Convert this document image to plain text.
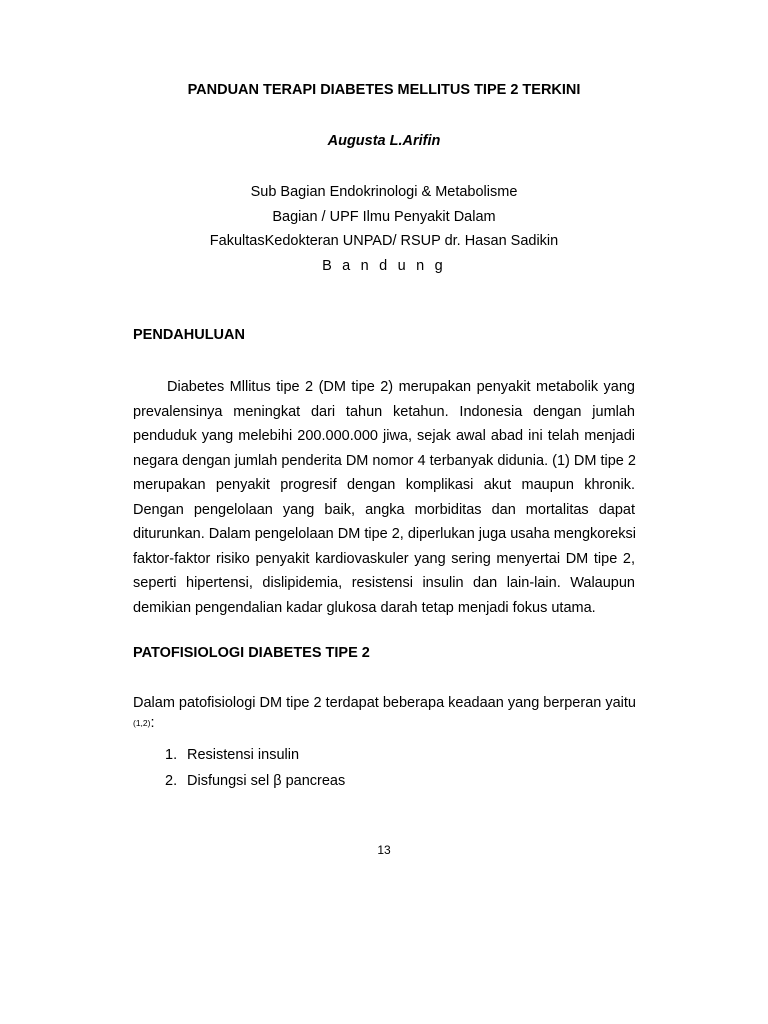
PANDUAN TERAPI DIABETES MELLITUS TIPE 2 TERKINI
Augusta L.Arifin
Sub Bagian Endokrinologi & Metabolisme
Bagian / UPF Ilmu Penyakit Dalam
FakultasKedokteran UNPAD/ RSUP dr. Hasan Sadikin
B a n d u n g
PENDAHULUAN
Diabetes Mllitus tipe 2 (DM tipe 2) merupakan penyakit metabolik yang
prevalensinya meningkat dari tahun ketahun. Indonesia dengan jumlah
penduduk yang melebihi 200.000.000 jiwa, sejak awal abad ini telah menjadi
negara dengan jumlah penderita DM nomor 4 terbanyak didunia. (1) DM tipe 2
merupakan penyakit progresif dengan komplikasi akut maupun khronik.
Dengan pengelolaan yang baik, angka morbiditas dan mortalitas dapat
diturunkan. Dalam pengelolaan DM tipe 2, diperlukan juga usaha mengkoreksi
faktor-faktor risiko penyakit kardiovaskuler yang sering menyertai DM tipe 2,
seperti hipertensi, dislipidemia, resistensi insulin dan lain-lain. Walaupun
demikian pengendalian kadar glukosa darah tetap menjadi fokus utama.
PATOFISIOLOGI DIABETES TIPE 2
Dalam patofisiologi DM tipe 2 terdapat beberapa keadaan yang berperan yaitu
(1,2):
1. Resistensi insulin
2. Disfungsi sel β pancreas
13
